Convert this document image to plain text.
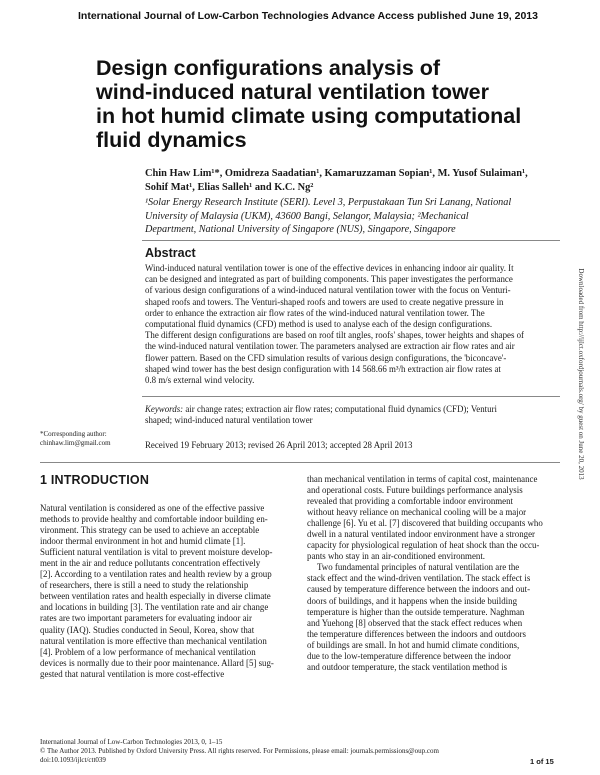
International Journal of Low-Carbon Technologies Advance Access published June 19, 2013
Design configurations analysis of
wind-induced natural ventilation tower
in hot humid climate using computational
fluid dynamics
Chin Haw Lim¹*, Omidreza Saadatian¹, Kamaruzzaman Sopian¹, M. Yusof Sulaiman¹,
Sohif Mat¹, Elias Salleh¹ and K.C. Ng²
¹Solar Energy Research Institute (SERI). Level 3, Perpustakaan Tun Sri Lanang, National
University of Malaysia (UKM), 43600 Bangi, Selangor, Malaysia; ²Mechanical
Department, National University of Singapore (NUS), Singapore, Singapore
Abstract
Wind-induced natural ventilation tower is one of the effective devices in enhancing indoor air quality. It
can be designed and integrated as part of building components. This paper investigates the performance
of various design configurations of a wind-induced natural ventilation tower with the focus on Venturi-
shaped roofs and towers. The Venturi-shaped roofs and towers are used to create negative pressure in
order to enhance the extraction air flow rates of the wind-induced natural ventilation tower. The
computational fluid dynamics (CFD) method is used to analyse each of the design configurations.
The different design configurations are based on roof tilt angles, roofs' shapes, tower heights and shapes of
the wind-induced natural ventilation tower. The parameters analysed are extraction air flow rates and air
flower pattern. Based on the CFD simulation results of various design configurations, the 'biconcave'-
shaped wind tower has the best design configuration with 14 568.66 m³/h extraction air flow rates at
0.8 m/s external wind velocity.
Keywords: air change rates; extraction air flow rates; computational fluid dynamics (CFD); Venturi
shaped; wind-induced natural ventilation tower
*Corresponding author:
chinhaw.lim@gmail.com	Received 19 February 2013; revised 26 April 2013; accepted 28 April 2013	Downloaded from http://ijlct.oxfordjournals.org/ by guest on June 20, 2013
1 INTRODUCTION
Natural ventilation is considered as one of the effective passive
methods to provide healthy and comfortable indoor building en-
vironment. This strategy can be used to achieve an acceptable
indoor thermal environment in hot and humid climate [1].
Sufficient natural ventilation is vital to prevent moisture develop-
ment in the air and reduce pollutants concentration effectively
[2]. According to a ventilation rates and health review by a group
of researchers, there is still a need to study the relationship
between ventilation rates and health especially in diverse climate
and locations in building [3]. The ventilation rate and air change
rates are two important parameters for evaluating indoor air
quality (IAQ). Studies conducted in Seoul, Korea, show that
natural ventilation is more effective than mechanical ventilation
[4]. Problem of a low performance of mechanical ventilation
devices is normally due to their poor maintenance. Allard [5] sug-
gested that natural ventilation is more cost-effective
than mechanical ventilation in terms of capital cost, maintenance
and operational costs. Future buildings performance analysis
revealed that providing a comfortable indoor environment
without heavy reliance on mechanical cooling will be a major
challenge [6]. Yu et al. [7] discovered that building occupants who
dwell in a natural ventilated indoor environment have a stronger
capacity for physiological regulation of heat shock than the occu-
pants who stay in an air-conditioned environment.
Two fundamental principles of natural ventilation are the
stack effect and the wind-driven ventilation. The stack effect is
caused by temperature difference between the indoors and out-
doors of buildings, and it happens when the inside building
temperature is higher than the outside temperature. Naghman
and Yuehong [8] observed that the stack effect reduces when
the temperature differences between the indoors and outdoors
of buildings are small. In hot and humid climate conditions,
due to the low-temperature difference between the indoor
and outdoor temperature, the stack ventilation method is
International Journal of Low-Carbon Technologies 2013, 0, 1–15
© The Author 2013. Published by Oxford University Press. All rights reserved. For Permissions, please email: journals.permissions@oup.com
doi:10.1093/ijlct/ctt039	1 of 15
